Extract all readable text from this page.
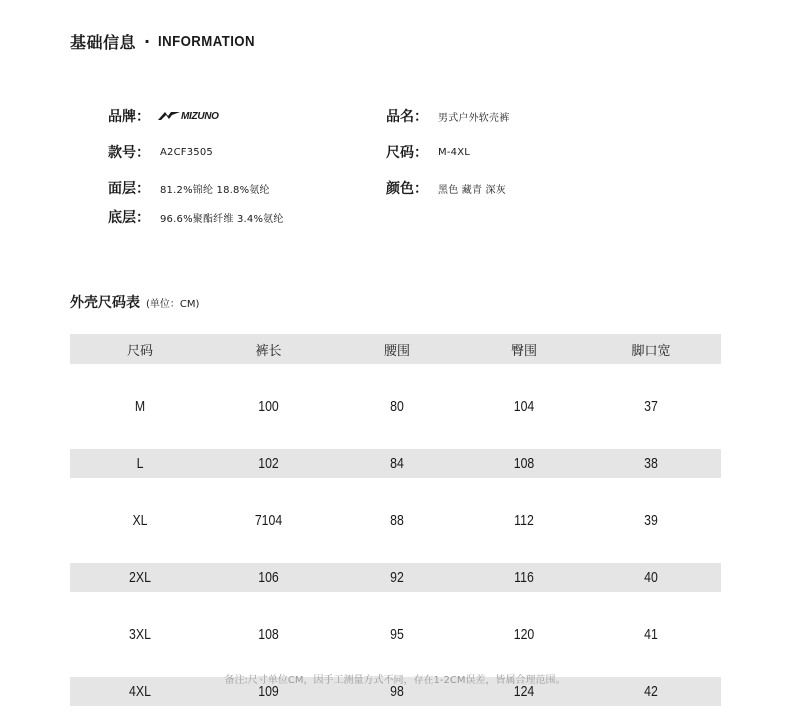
基础信息 · INFORMATION
品牌：	MIZUNO	品名： 男式户外软壳裤
款号： A2CF3505	尺码： M-4XL
面层： 81.2%锦纶 18.8%氨纶	颜色： 黑色 藏青 深灰
底层： 96.6%聚酯纤维 3.4%氨纶
外壳尺码表 (单位：CM)
尺码	裤长	腰围	臀围	脚口宽
M	100	80	104	37
L	102	84	108	38
XL	7104	88	112	39
2XL	106	92	116	40
3XL	108	95	120	41
4XL	109	98	124	42
备注:尺寸单位CM，因手工测量方式不同，存在1-2CM误差，皆属合理范围。
